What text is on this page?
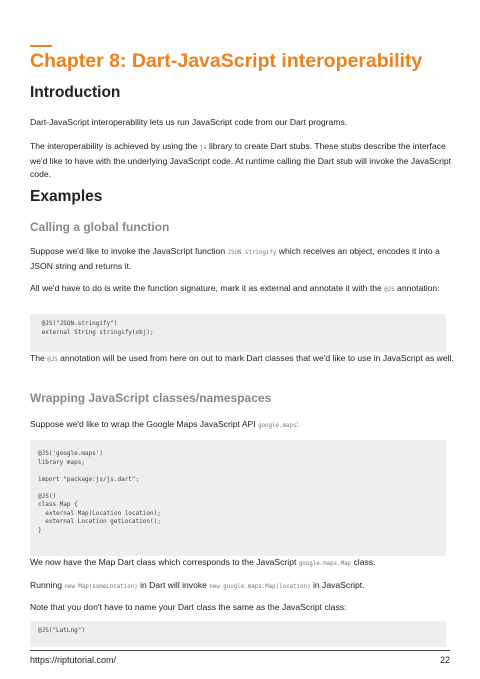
Chapter 8: Dart-JavaScript interoperability
Introduction

Dart-JavaScript interoperability lets us run JavaScript code from our Dart programs.

The interoperability is achieved by using the js library to create Dart stubs. These stubs describe the interface we'd like to have with the underlying JavaScript code. At runtime calling the Dart stub will invoke the JavaScript code.

Examples
Calling a global function

Suppose we'd like to invoke the JavaScript function JSON.stringify which receives an object, encodes it into a JSON string and returns it.

All we'd have to do is write the function signature, mark it as external and annotate it with the @JS annotation:

@JS("JSON.stringify")
external String stringify(obj);

The @JS annotation will be used from here on out to mark Dart classes that we'd like to use in JavaScript as well.

Wrapping JavaScript classes/namespaces

Suppose we'd like to wrap the Google Maps JavaScript API google.maps:

@JS('google.maps')
library maps;

import "package:js/js.dart";

@JS()
class Map {
external Map(Location location);
external Location getLocation();
}

We now have the Map Dart class which corresponds to the JavaScript google.maps.Map class.

Running new Map(someLocation) in Dart will invoke new google.maps.Map(location) in JavaScript.

Note that you don't have to name your Dart class the same as the JavaScript class:

@JS("LatLng")
https://riptutorial.com/	22
